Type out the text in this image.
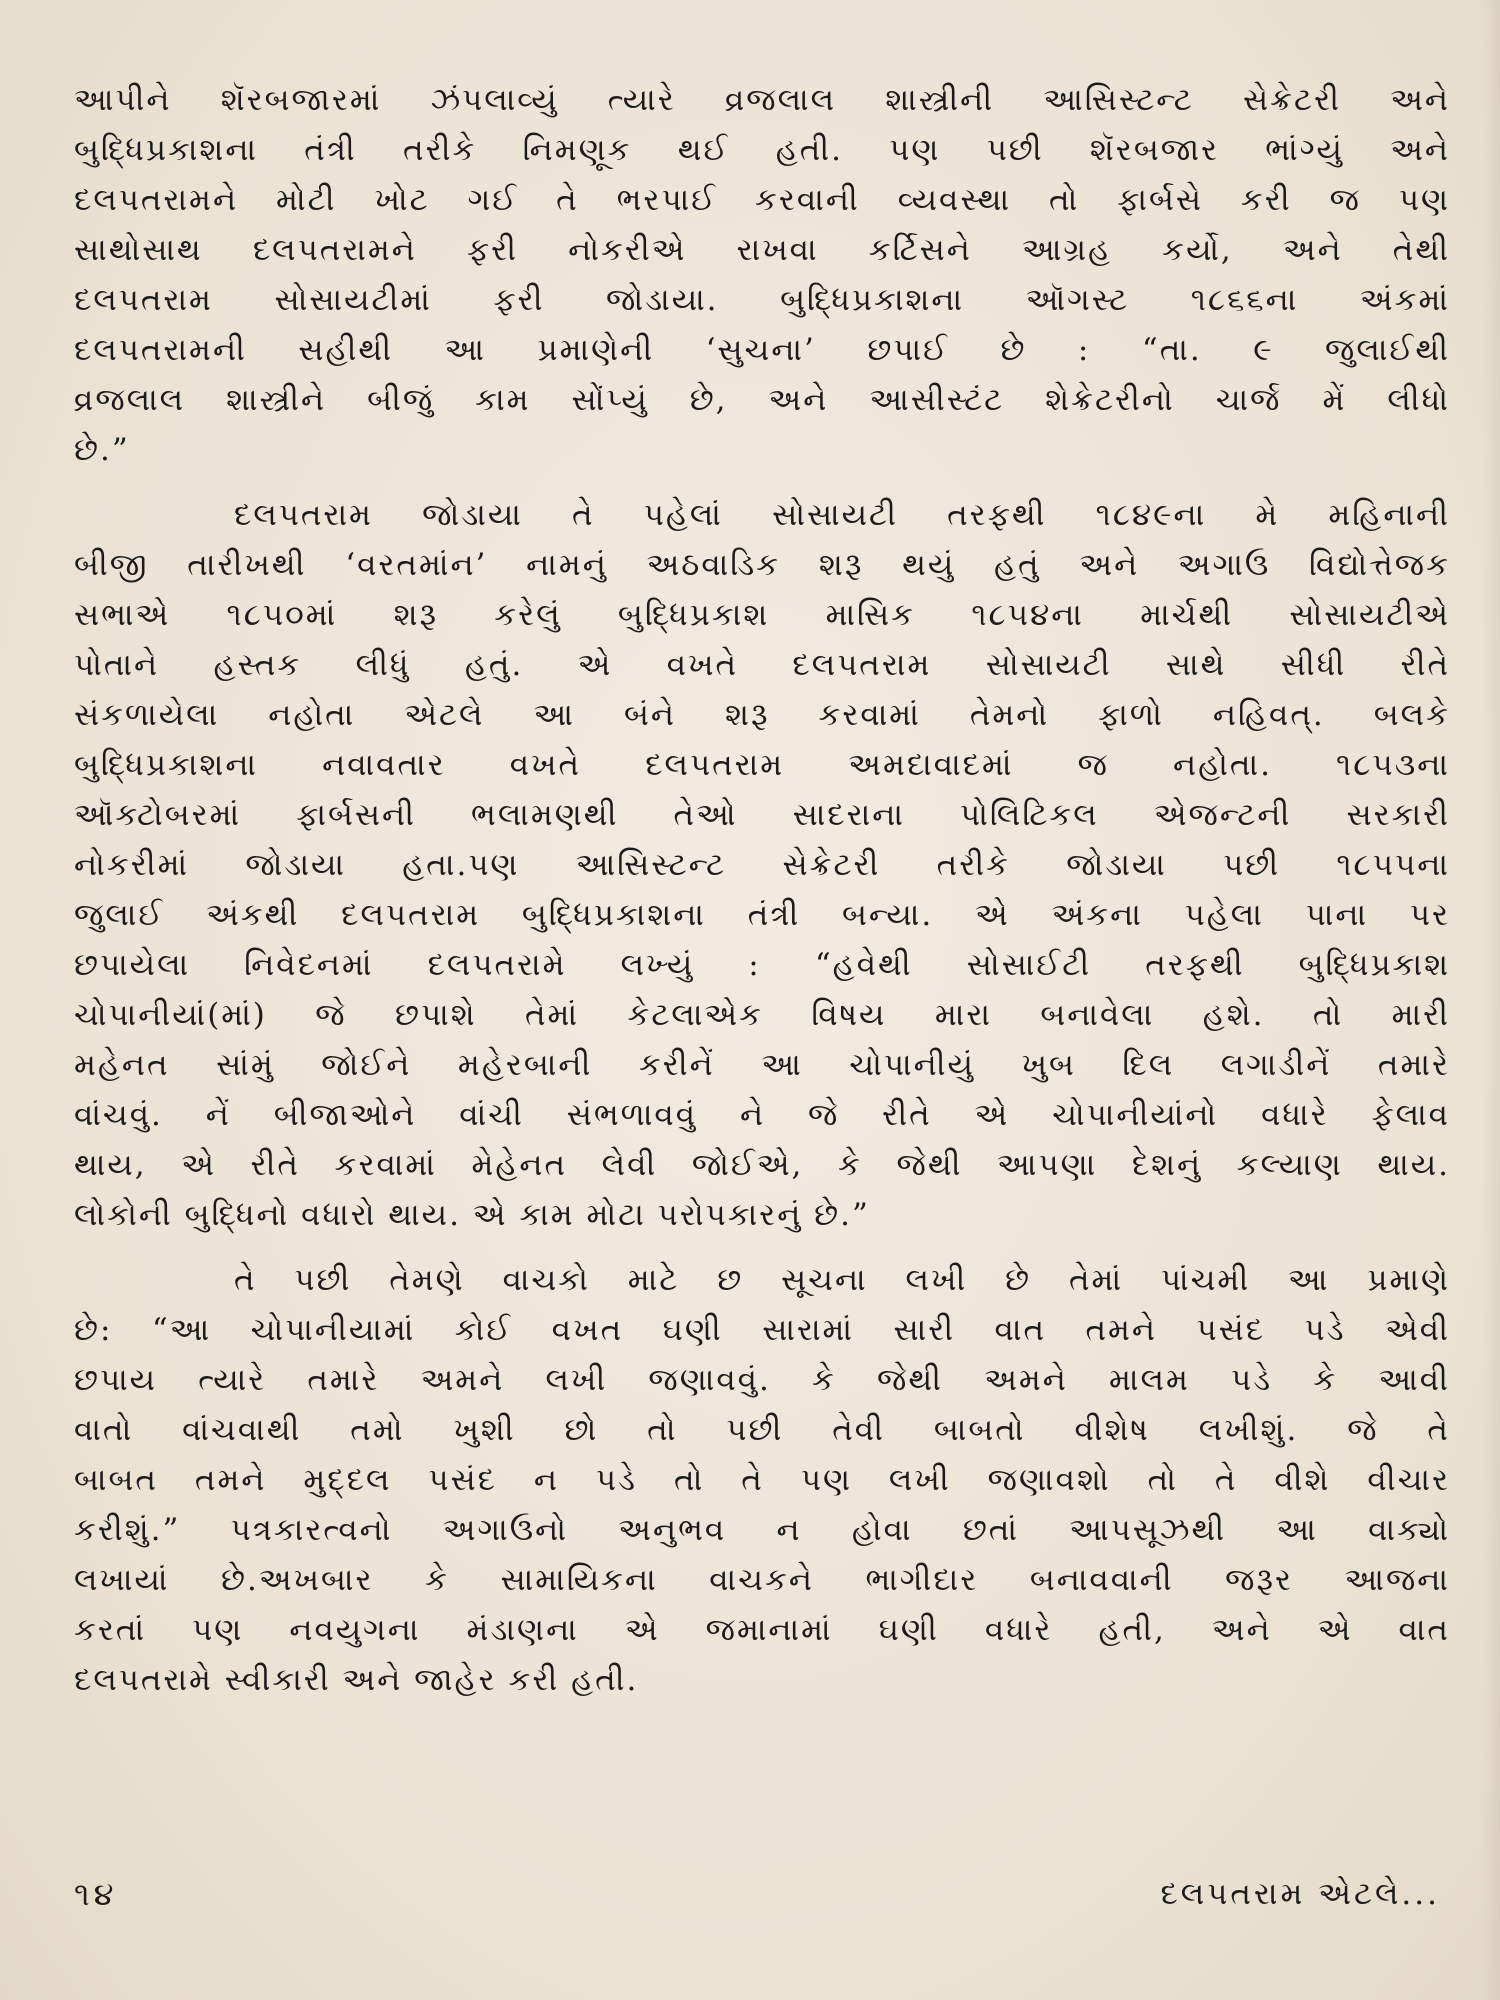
આપીને શૅરબજારમાં ઝંપલાવ્યું ત્યારે વ્રજલાલ શાસ્ત્રીની આસિસ્ટન્ટ સેક્રેટરી અને
બુદ્ધિપ્રકાશના તંત્રી તરીકે નિમણૂક થઈ હતી. પણ પછી શૅરબજાર ભાંગ્યું અને
દલપતરામને મોટી ખોટ ગઈ તે ભરપાઈ કરવાની વ્યવસ્થા તો ફાર્બસે કરી જ પણ
સાથોસાથ દલપતરામને ફરી નોકરીએ રાખવા કર્ટિસને આગ્રહ કર્યો, અને તેથી
દલપતરામ સોસાયટીમાં ફરી જોડાયા. બુદ્ધિપ્રકાશના ઑગસ્ટ ૧૮૬૬ના અંકમાં
દલપતરામની સહીથી આ પ્રમાણેની ‘સુચના’ છપાઈ છે : “તા. ૯ જુલાઈથી
વ્રજલાલ શાસ્ત્રીને બીજું કામ સોંપ્યું છે, અને આસીસ્ટંટ શેક્રેટરીનો ચાર્જ મેં લીધો
છે.”
દલપતરામ જોડાયા તે પહેલાં સોસાયટી તરફથી ૧૮૪૯ના મે મહિનાની
બીજી તારીખથી ‘વરતમાંન’ નામનું અઠવાડિક શરૂ થયું હતું અને અગાઉ વિદ્યોત્તેજક
સભાએ ૧૮૫૦માં શરૂ કરેલું બુદ્ધિપ્રકાશ માસિક ૧૮૫૪ના માર્ચથી સોસાયટીએ
પોતાને હસ્તક લીધું હતું. એ વખતે દલપતરામ સોસાયટી સાથે સીધી રીતે
સંકળાયેલા નહોતા એટલે આ બંને શરૂ કરવામાં તેમનો ફાળો નહિવત્. બલકે
બુદ્ધિપ્રકાશના નવાવતાર વખતે દલપતરામ અમદાવાદમાં જ નહોતા. ૧૮૫૩ના
ઑક્ટોબરમાં ફાર્બસની ભલામણથી તેઓ સાદરાના પોલિટિકલ એજન્ટની સરકારી
નોકરીમાં જોડાયા હતા.પણ આસિસ્ટન્ટ સેક્રેટરી તરીકે જોડાયા પછી ૧૮૫૫ના
જુલાઈ અંકથી દલપતરામ બુદ્ધિપ્રકાશના તંત્રી બન્યા. એ અંકના પહેલા પાના પર
છપાયેલા નિવેદનમાં દલપતરામે લખ્યું : “હવેથી સોસાઈટી તરફથી બુદ્ધિપ્રકાશ
ચોપાનીયાં(માં) જે છપાશે તેમાં કેટલાએક વિષય મારા બનાવેલા હશે. તો મારી
મહેનત સાંમું જોઈને મહેરબાની કરીનેં આ ચોપાનીયું ખુબ દિલ લગાડીનેં તમારે
વાંચવું. નેં બીજાઓને વાંચી સંભળાવવું ને જે રીતે એ ચોપાનીયાંનો વધારે ફેલાવ
થાય, એ રીતે કરવામાં મેહેનત લેવી જોઈએ, કે જેથી આપણા દેશનું કલ્યાણ થાય.
લોકોની બુદ્ધિનો વધારો થાય. એ કામ મોટા પરોપકારનું છે.”
તે પછી તેમણે વાચકો માટે છ સૂચના લખી છે તેમાં પાંચમી આ પ્રમાણે
છે: “આ ચોપાનીયામાં કોઈ વખત ઘણી સારામાં સારી વાત તમને પસંદ પડે એવી
છપાય ત્યારે તમારે અમને લખી જણાવવું. કે જેથી અમને માલમ પડે કે આવી
વાતો વાંચવાથી તમો ખુશી છો તો પછી તેવી બાબતો વીશેષ લખીશું. જે તે
બાબત તમને મુદ્દલ પસંદ ન પડે તો તે પણ લખી જણાવશો તો તે વીશે વીચાર
કરીશું.” પત્રકારત્વનો અગાઉનો અનુભવ ન હોવા છતાં આપસૂઝથી આ વાક્યો
લખાયાં છે.અખબાર કે સામાયિકના વાચકને ભાગીદાર બનાવવાની જરૂર આજના
કરતાં પણ નવયુગના મંડાણના એ જમાનામાં ઘણી વધારે હતી, અને એ વાત
દલપતરામે સ્વીકારી અને જાહેર કરી હતી.
૧૪	દલપતરામ એટલે...
